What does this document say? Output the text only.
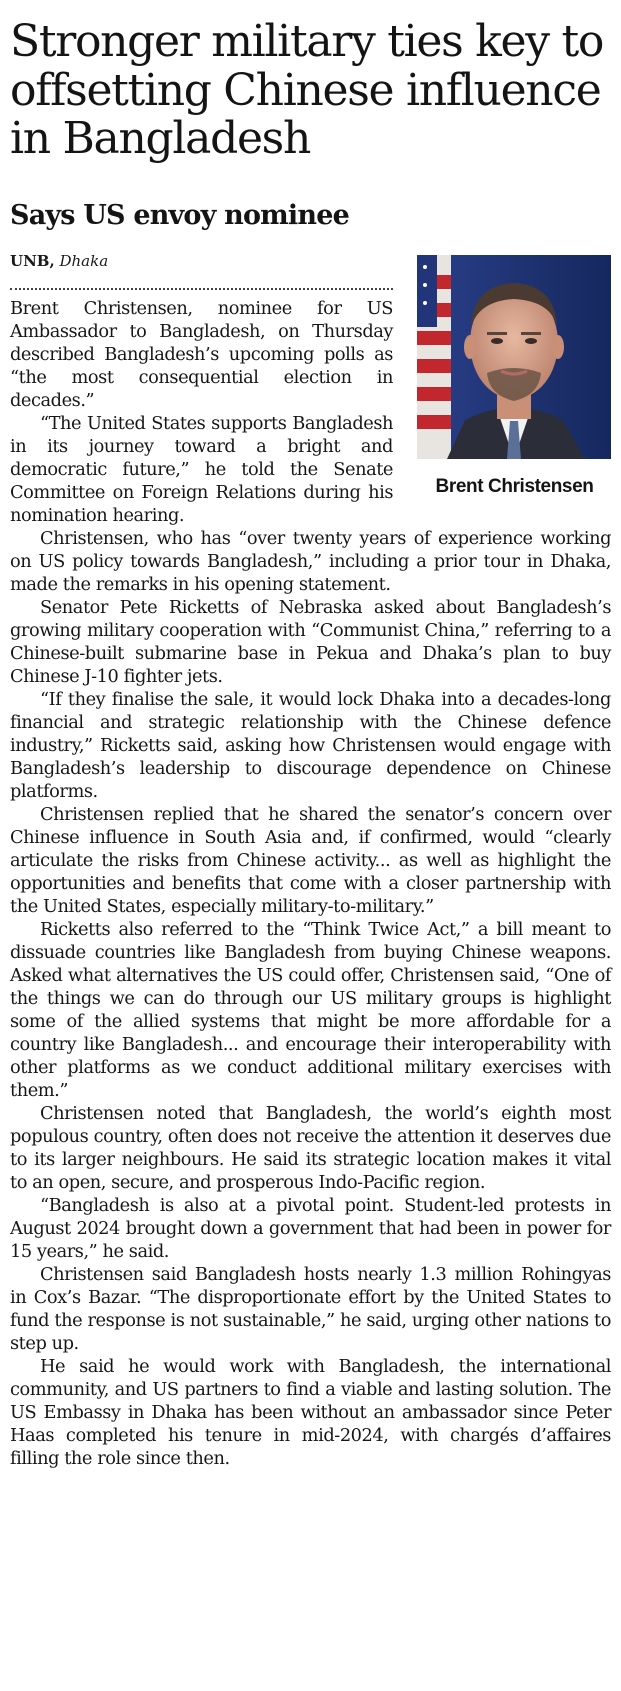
Stronger military ties key to offsetting Chinese influence in Bangladesh
Says US envoy nominee
UNB, Dhaka
Brent Christensen

Brent Christensen, nominee for US Ambassador to Bangladesh, on Thursday described Bangladesh’s upcoming polls as “the most consequential election in decades.”

“The United States supports Bangladesh in its journey toward a bright and democratic future,” he told the Senate Committee on Foreign Relations during his nomination hearing.

Christensen, who has “over twenty years of experience working on US policy towards Bangladesh,” including a prior tour in Dhaka, made the remarks in his opening statement.

Senator Pete Ricketts of Nebraska asked about Bangladesh’s growing military cooperation with “Communist China,” referring to a Chinese-built submarine base in Pekua and Dhaka’s plan to buy Chinese J-10 fighter jets.

“If they finalise the sale, it would lock Dhaka into a decades-long financial and strategic relationship with the Chinese defence industry,” Ricketts said, asking how Christensen would engage with Bangladesh’s leadership to discourage dependence on Chinese platforms.

Christensen replied that he shared the senator’s concern over Chinese influence in South Asia and, if confirmed, would “clearly articulate the risks from Chinese activity... as well as highlight the opportunities and benefits that come with a closer partnership with the United States, especially military-to-military.”

Ricketts also referred to the “Think Twice Act,” a bill meant to dissuade countries like Bangladesh from buying Chinese weapons. Asked what alternatives the US could offer, Christensen said, “One of the things we can do through our US military groups is highlight some of the allied systems that might be more affordable for a country like Bangladesh... and encourage their interoperability with other platforms as we conduct additional military exercises with them.”

Christensen noted that Bangladesh, the world’s eighth most populous country, often does not receive the attention it deserves due to its larger neighbours. He said its strategic location makes it vital to an open, secure, and prosperous Indo-Pacific region.

“Bangladesh is also at a pivotal point. Student-led protests in August 2024 brought down a government that had been in power for 15 years,” he said.

Christensen said Bangladesh hosts nearly 1.3 million Rohingyas in Cox’s Bazar. “The disproportionate effort by the United States to fund the response is not sustainable,” he said, urging other nations to step up.

He said he would work with Bangladesh, the international community, and US partners to find a viable and lasting solution. The US Embassy in Dhaka has been without an ambassador since Peter Haas completed his tenure in mid-2024, with chargés d’affaires filling the role since then.
